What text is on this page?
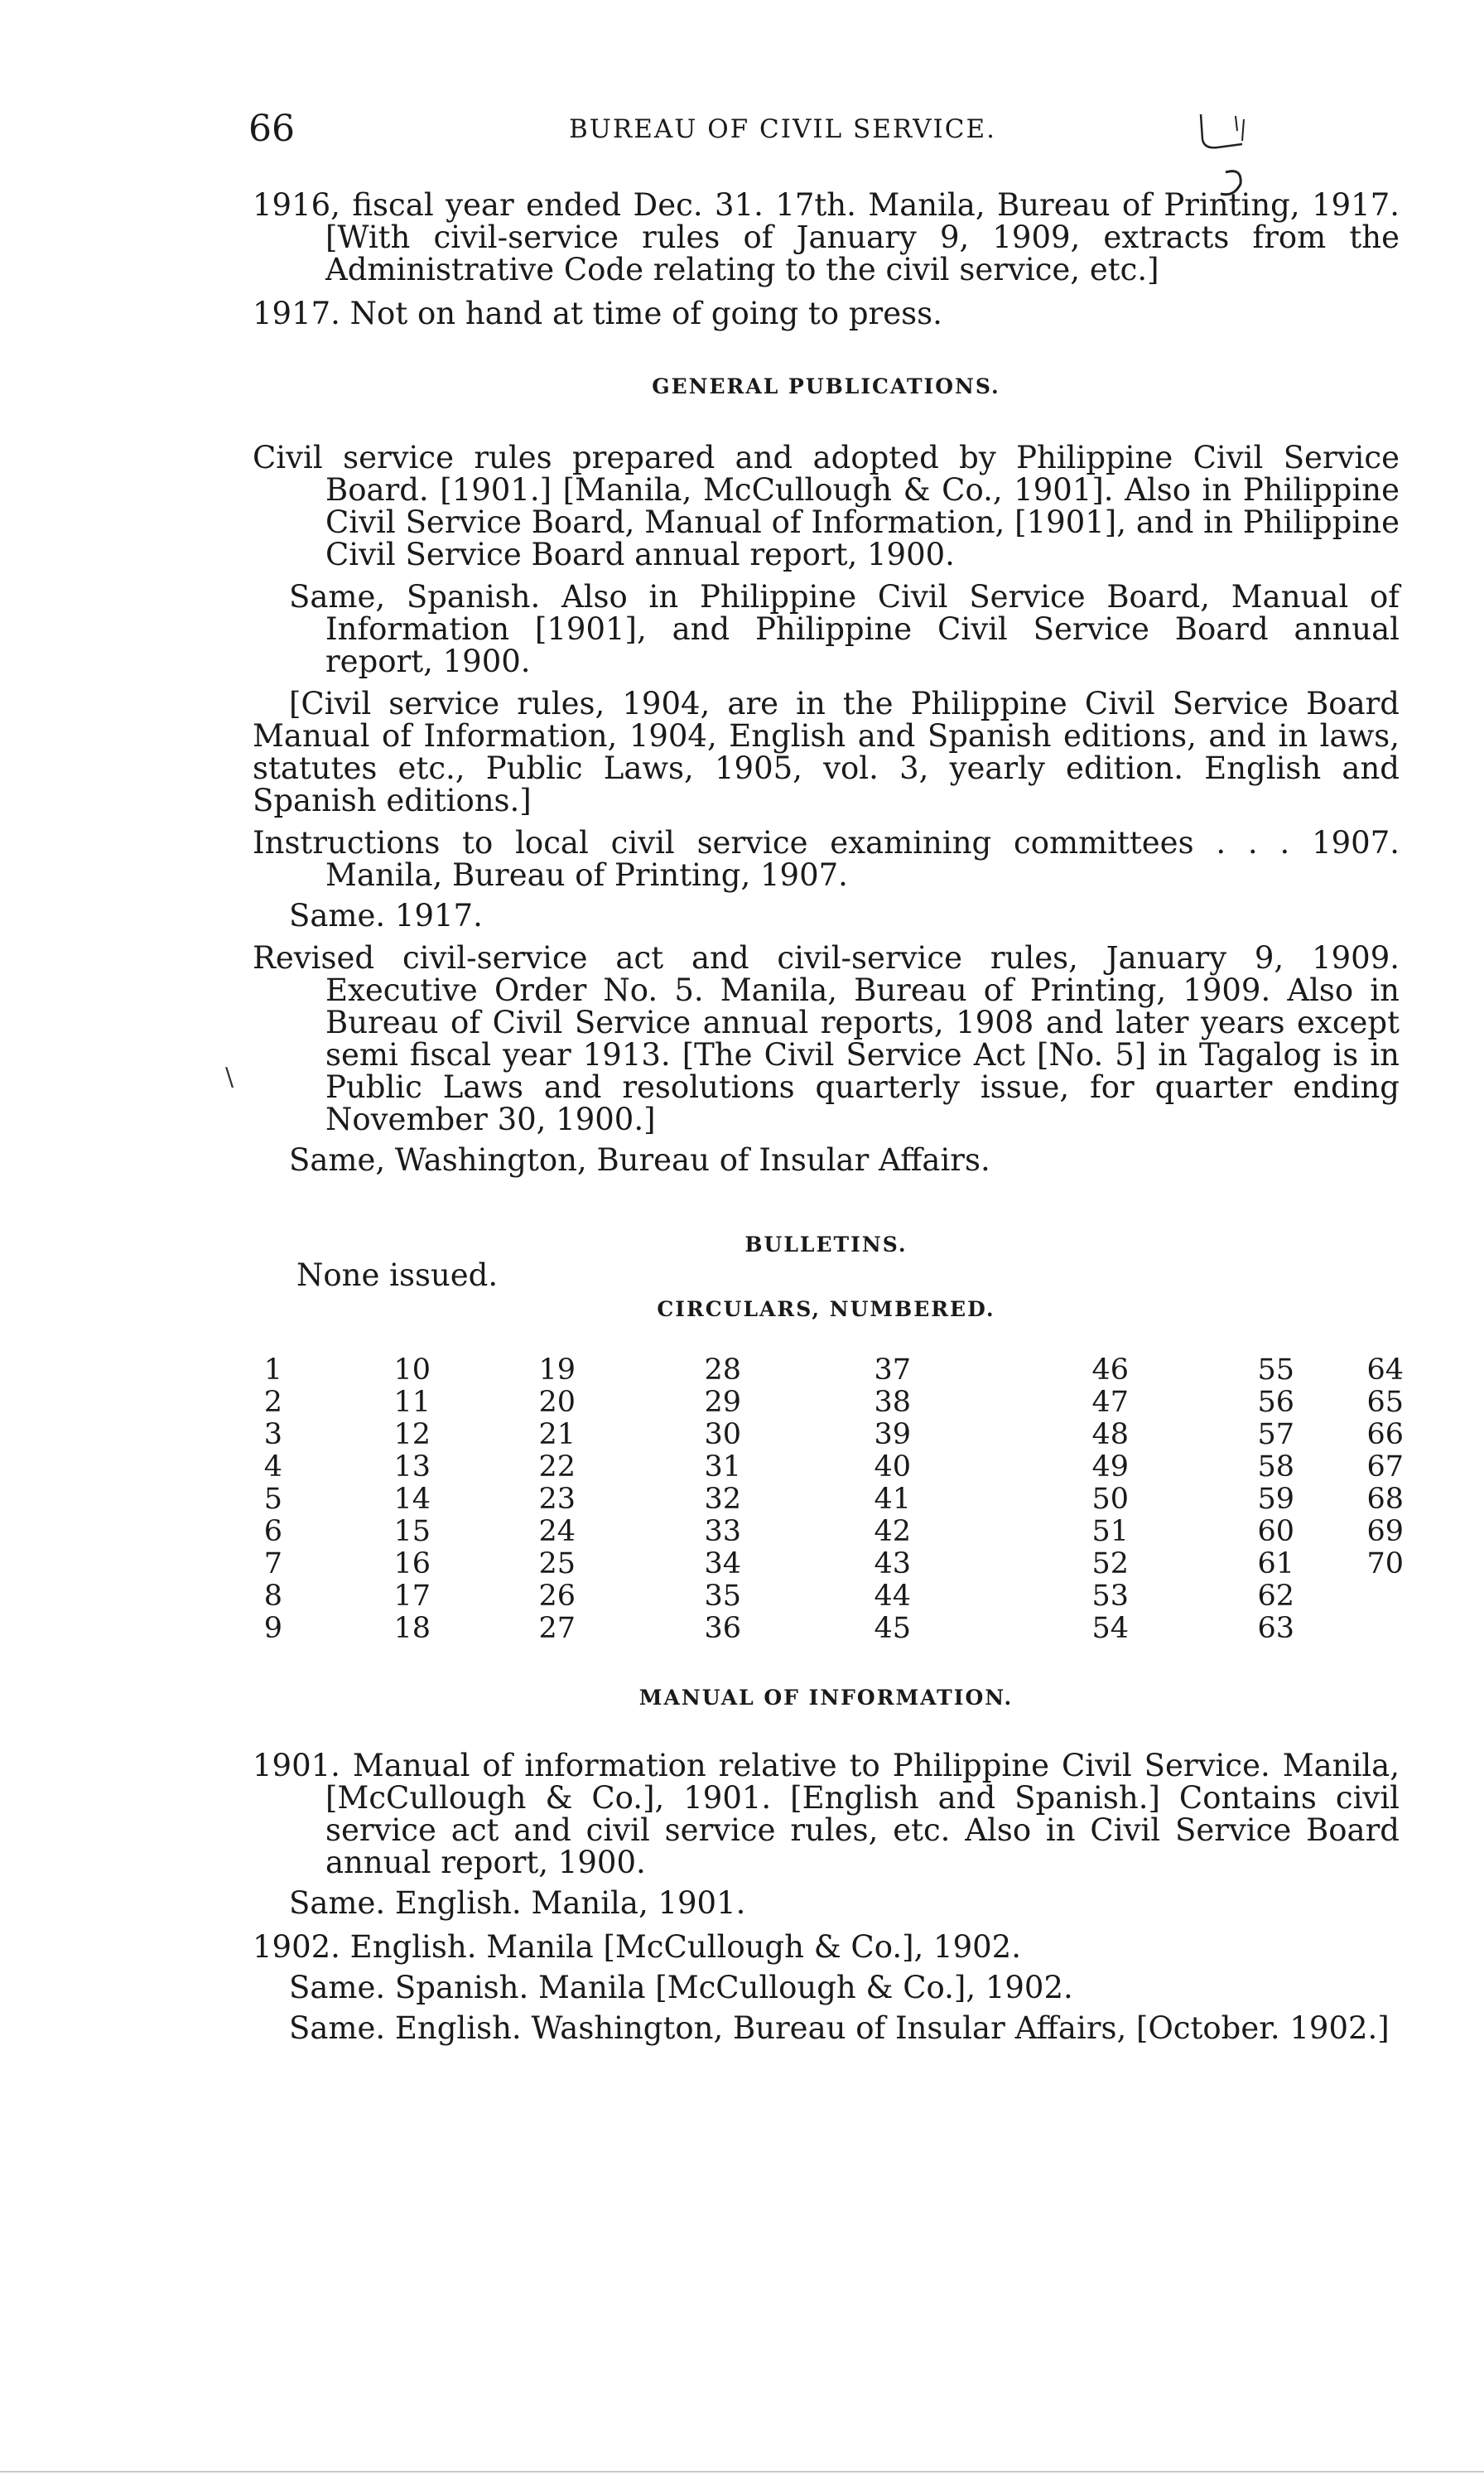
66	BUREAU OF CIVIL SERVICE.

1916, fiscal year ended Dec. 31. 17th. Manila, Bureau of Printing, 1917. [With civil-service rules of January 9, 1909, extracts from the Administrative Code relating to the civil service, etc.]

1917. Not on hand at time of going to press.

GENERAL PUBLICATIONS.

Civil service rules prepared and adopted by Philippine Civil Service Board. [1901.] [Manila, McCullough & Co., 1901]. Also in Philippine Civil Service Board, Manual of Information, [1901], and in Philippine Civil Service Board annual report, 1900.

Same, Spanish. Also in Philippine Civil Service Board, Manual of Information [1901], and Philippine Civil Service Board annual report, 1900.

[Civil service rules, 1904, are in the Philippine Civil Service Board Manual of Information, 1904, English and Spanish editions, and in laws, statutes etc., Public Laws, 1905, vol. 3, yearly edition. English and Spanish editions.]

Instructions to local civil service examining committees . . . 1907. Manila, Bureau of Printing, 1907.

Same. 1917.

Revised civil-service act and civil-service rules, January 9, 1909. Executive Order No. 5. Manila, Bureau of Printing, 1909. Also in Bureau of Civil Service annual reports, 1908 and later years except semi fiscal year 1913. [The Civil Service Act [No. 5] in Tagalog is in Public Laws and resolutions quarterly issue, for quarter ending November 30, 1900.]

Same, Washington, Bureau of Insular Affairs.

\
BULLETINS.
None issued.
CIRCULARS, NUMBERED.
1
2
3
4
5
6
7
8
9
10
11
12
13
14
15
16
17
18
19
20
21
22
23
24
25
26
27
28
29
30
31
32
33
34
35
36
37
38
39
40
41
42
43
44
45
46
47
48
49
50
51
52
53
54
55
56
57
58
59
60
61
62
63
64
65
66
67
68
69
70
MANUAL OF INFORMATION.

1901. Manual of information relative to Philippine Civil Service. Manila, [McCullough & Co.], 1901. [English and Spanish.] Contains civil service act and civil service rules, etc. Also in Civil Service Board annual report, 1900.

Same. English. Manila, 1901.

1902. English. Manila [McCullough & Co.], 1902.

Same. Spanish. Manila [McCullough & Co.], 1902.

Same. English. Washington, Bureau of Insular Affairs, [October. 1902.]
